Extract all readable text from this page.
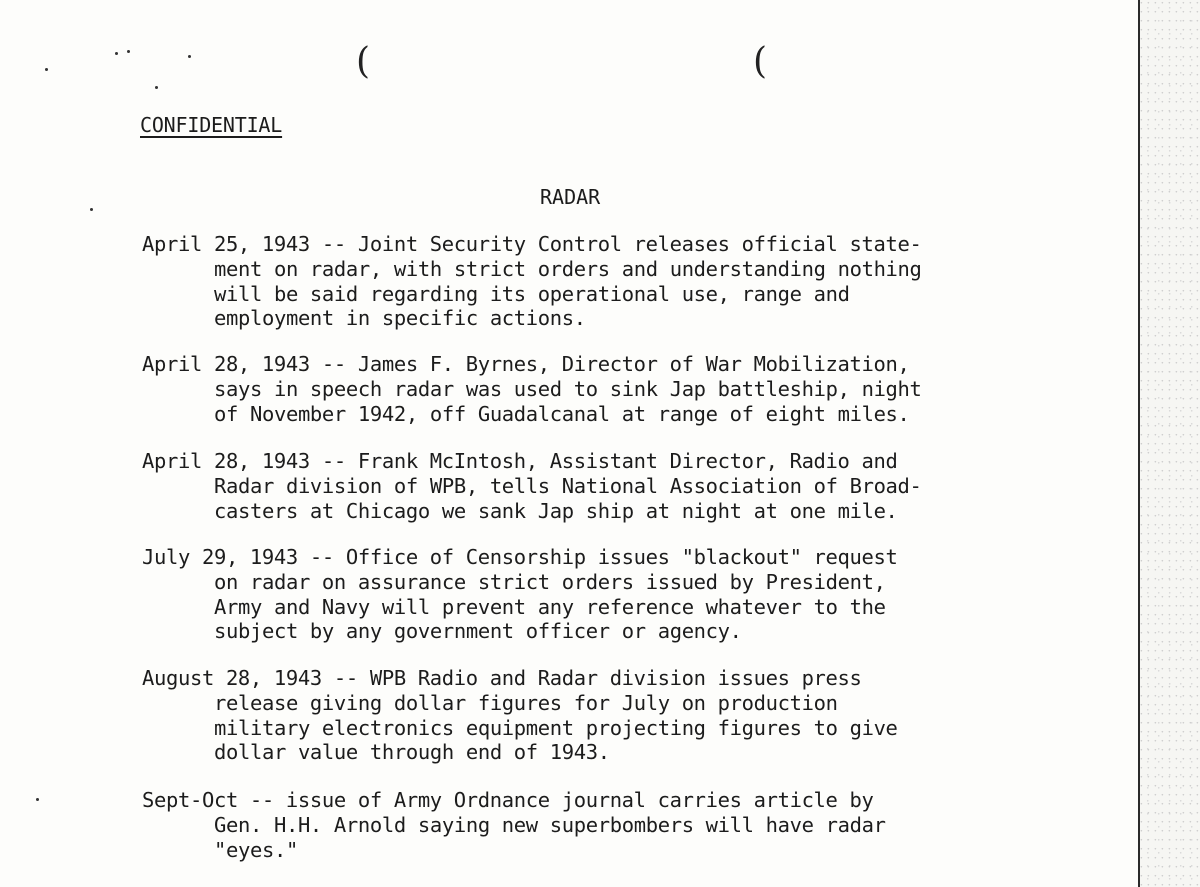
(	(
CONFIDENTIAL
RADAR
April 25, 1943 -- Joint Security Control releases official state-
ment on radar, with strict orders and understanding nothing
will be said regarding its operational use, range and
employment in specific actions.
April 28, 1943 -- James F. Byrnes, Director of War Mobilization,
says in speech radar was used to sink Jap battleship, night
of November 1942, off Guadalcanal at range of eight miles.
April 28, 1943 -- Frank McIntosh, Assistant Director, Radio and
Radar division of WPB, tells National Association of Broad-
casters at Chicago we sank Jap ship at night at one mile.
July 29, 1943 -- Office of Censorship issues "blackout" request
on radar on assurance strict orders issued by President,
Army and Navy will prevent any reference whatever to the
subject by any government officer or agency.
August 28, 1943 -- WPB Radio and Radar division issues press
release giving dollar figures for July on production
military electronics equipment projecting figures to give
dollar value through end of 1943.
Sept-Oct -- issue of Army Ordnance journal carries article by
Gen. H.H. Arnold saying new superbombers will have radar
"eyes."
